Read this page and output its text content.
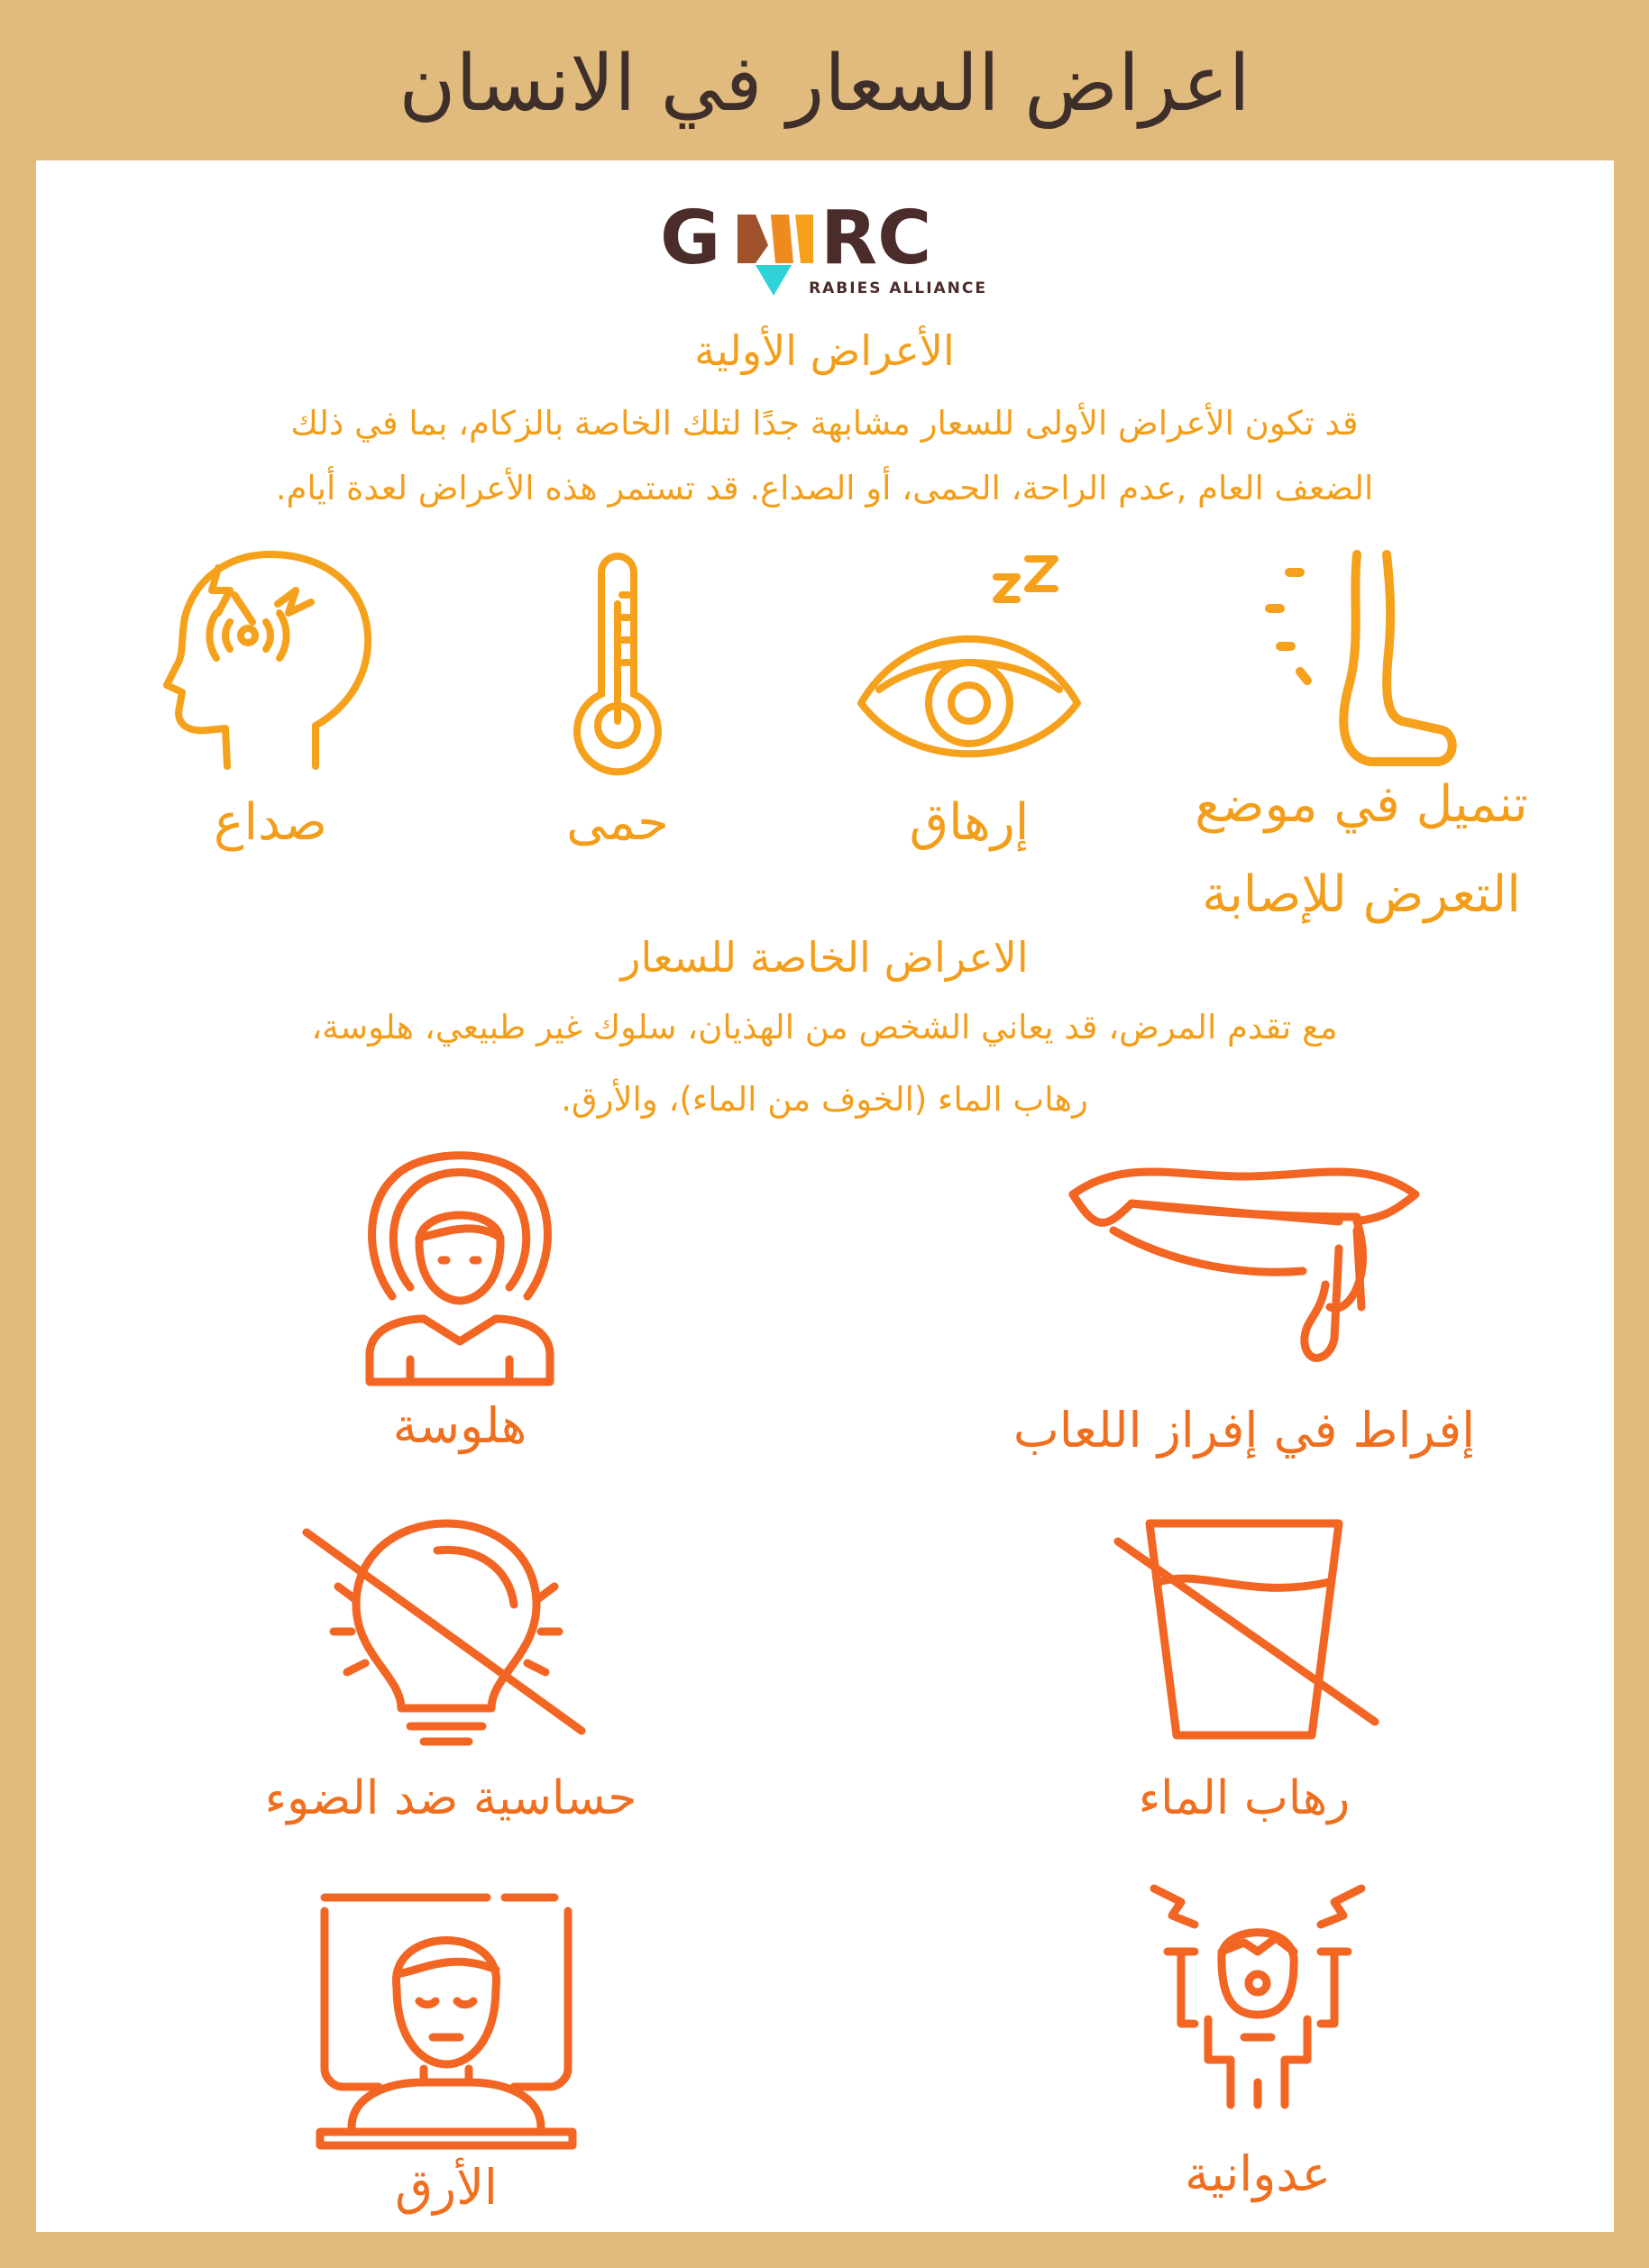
اعراض السعار في الانسان
G RC
RABIES ALLIANCE
الأعراض الأولية
قد تكون الأعراض الأولى للسعار مشابهة جدًا لتلك الخاصة بالزكام، بما في ذلك
الضعف العام ,عدم الراحة، الحمى، أو الصداع. قد تستمر هذه الأعراض لعدة أيام.
صداع	حمى	إرهاق	تنميل في موضع
التعرض للإصابة
الاعراض الخاصة للسعار
مع تقدم المرض، قد يعاني الشخص من الهذيان، سلوك غير طبيعي، هلوسة،
رهاب الماء (الخوف من الماء)، والأرق.
هلوسة	إفراط في إفراز اللعاب
حساسية ضد الضوء	رهاب الماء
الأرق	عدوانية
